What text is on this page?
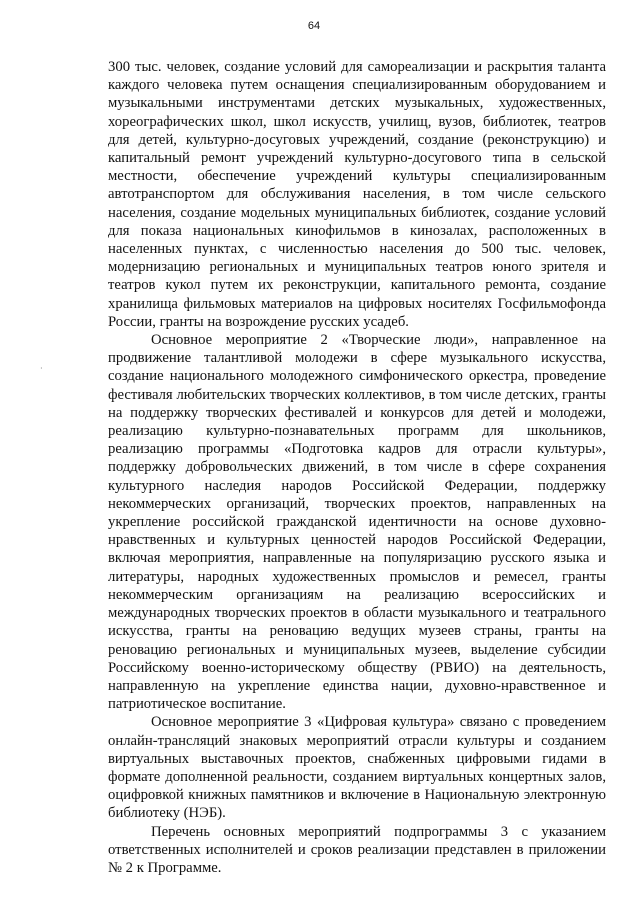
64
·

300 тыс. человек, создание условий для самореализации и раскрытия таланта каждого человека путем оснащения специализированным оборудованием и музыкальными инструментами детских музыкальных, художественных, хореографических школ, школ искусств, училищ, вузов, библиотек, театров для детей, культурно-досуговых учреждений, создание (реконструкцию) и капитальный ремонт учреждений культурно-досугового типа в сельской местности, обеспечение учреждений культуры специализированным автотранспортом для обслуживания населения, в том числе сельского населения, создание модельных муниципальных библиотек, создание условий для показа национальных кинофильмов в кинозалах, расположенных в населенных пунктах, с численностью населения до 500 тыс. человек, модернизацию региональных и муниципальных театров юного зрителя и театров кукол путем их реконструкции, капитального ремонта, создание хранилища фильмовых материалов на цифровых носителях Госфильмофонда России, гранты на возрождение русских усадеб.

Основное мероприятие 2 «Творческие люди», направленное на продвижение талантливой молодежи в сфере музыкального искусства, создание национального молодежного симфонического оркестра, проведение фестиваля любительских творческих коллективов, в том числе детских, гранты на поддержку творческих фестивалей и конкурсов для детей и молодежи, реализацию культурно-познавательных программ для школьников, реализацию программы «Подготовка кадров для отрасли культуры», поддержку добровольческих движений, в том числе в сфере сохранения культурного наследия народов Российской Федерации, поддержку некоммерческих организаций, творческих проектов, направленных на укрепление российской гражданской идентичности на основе духовно-нравственных и культурных ценностей народов Российской Федерации, включая мероприятия, направленные на популяризацию русского языка и литературы, народных художественных промыслов и ремесел, гранты некоммерческим организациям на реализацию всероссийских и международных творческих проектов в области музыкального и театрального искусства, гранты на реновацию ведущих музеев страны, гранты на реновацию региональных и муниципальных музеев, выделение субсидии Российскому военно-историческому обществу (РВИО) на деятельность, направленную на укрепление единства нации, духовно-нравственное и патриотическое воспитание.

Основное мероприятие 3 «Цифровая культура» связано с проведением онлайн-трансляций знаковых мероприятий отрасли культуры и созданием виртуальных выставочных проектов, снабженных цифровыми гидами в формате дополненной реальности, созданием виртуальных концертных залов, оцифровкой книжных памятников и включение в Национальную электронную библиотеку (НЭБ).

Перечень основных мероприятий подпрограммы 3 с указанием ответственных исполнителей и сроков реализации представлен в приложении № 2 к Программе.
